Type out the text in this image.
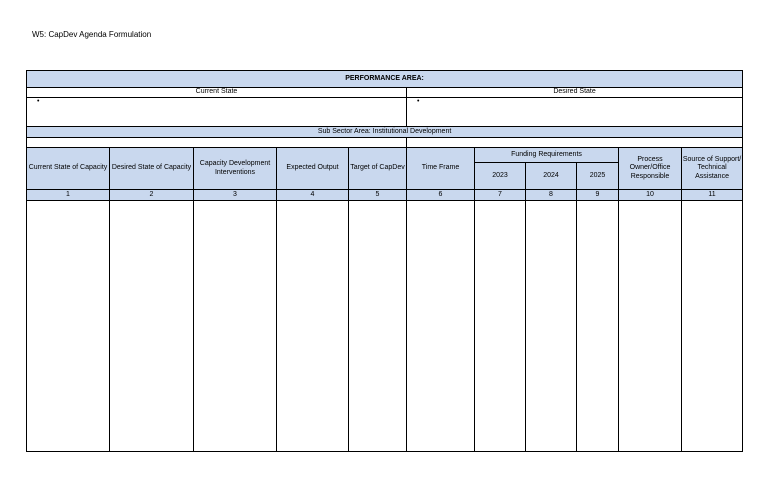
W5: CapDev Agenda Formulation
PERFORMANCE AREA:										
Current State					Desired State					
•					•					
Sub Sector Area: Institutional Development										

Current State of Capacity	Desired State of Capacity	Capacity Development Interventions	Expected Output	Target of CapDev	Time Frame	Funding Requirements			Process Owner/Office Responsible	Source of Support/ Technical Assistance
						2023	2024	2025		
1	2	3	4	5	6	7	8	9	10	11
